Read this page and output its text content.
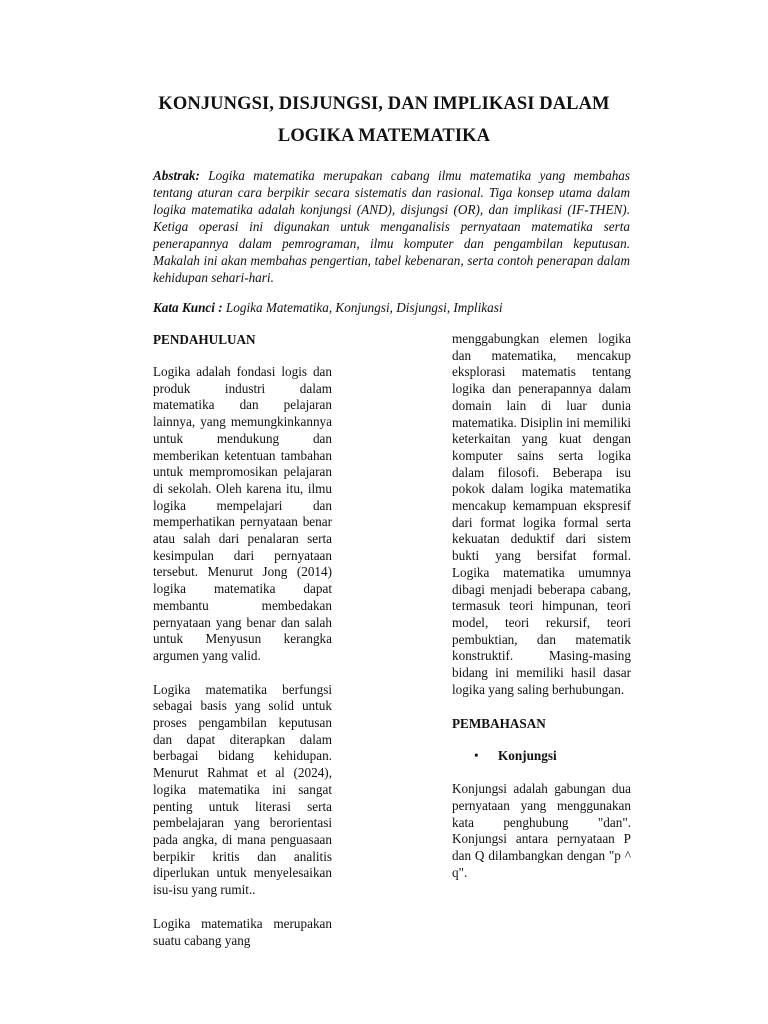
KONJUNGSI, DISJUNGSI, DAN IMPLIKASI DALAM LOGIKA MATEMATIKA
Abstrak: Logika matematika merupakan cabang ilmu matematika yang membahas tentang aturan cara berpikir secara sistematis dan rasional. Tiga konsep utama dalam logika matematika adalah konjungsi (AND), disjungsi (OR), dan implikasi (IF-THEN). Ketiga operasi ini digunakan untuk menganalisis pernyataan matematika serta penerapannya dalam pemrograman, ilmu komputer dan pengambilan keputusan. Makalah ini akan membahas pengertian, tabel kebenaran, serta contoh penerapan dalam kehidupan sehari-hari.
Kata Kunci : Logika Matematika, Konjungsi, Disjungsi, Implikasi

PENDAHULUAN

Logika adalah fondasi logis dan produk industri dalam matematika dan pelajaran lainnya, yang memungkinkannya untuk mendukung dan memberikan ketentuan tambahan untuk mempromosikan pelajaran di sekolah. Oleh karena itu, ilmu logika mempelajari dan memperhatikan pernyataan benar atau salah dari penalaran serta kesimpulan dari pernyataan tersebut. Menurut Jong (2014) logika matematika dapat membantu membedakan pernyataan yang benar dan salah untuk Menyusun kerangka argumen yang valid.

Logika matematika berfungsi sebagai basis yang solid untuk proses pengambilan keputusan dan dapat diterapkan dalam berbagai bidang kehidupan. Menurut Rahmat et al (2024), logika matematika ini sangat penting untuk literasi serta pembelajaran yang berorientasi pada angka, di mana penguasaan berpikir kritis dan analitis diperlukan untuk menyelesaikan isu-isu yang rumit..

Logika matematika merupakan suatu cabang yang

menggabungkan elemen logika dan matematika, mencakup eksplorasi matematis tentang logika dan penerapannya dalam domain lain di luar dunia matematika. Disiplin ini memiliki keterkaitan yang kuat dengan komputer sains serta logika dalam filosofi. Beberapa isu pokok dalam logika matematika mencakup kemampuan ekspresif dari format logika formal serta kekuatan deduktif dari sistem bukti yang bersifat formal. Logika matematika umumnya dibagi menjadi beberapa cabang, termasuk teori himpunan, teori model, teori rekursif, teori pembuktian, dan matematik konstruktif. Masing-masing bidang ini memiliki hasil dasar logika yang saling berhubungan.

PEMBAHASAN

•	Konjungsi

Konjungsi adalah gabungan dua pernyataan yang menggunakan kata penghubung "dan". Konjungsi antara pernyataan P dan Q dilambangkan dengan "p ^ q".
